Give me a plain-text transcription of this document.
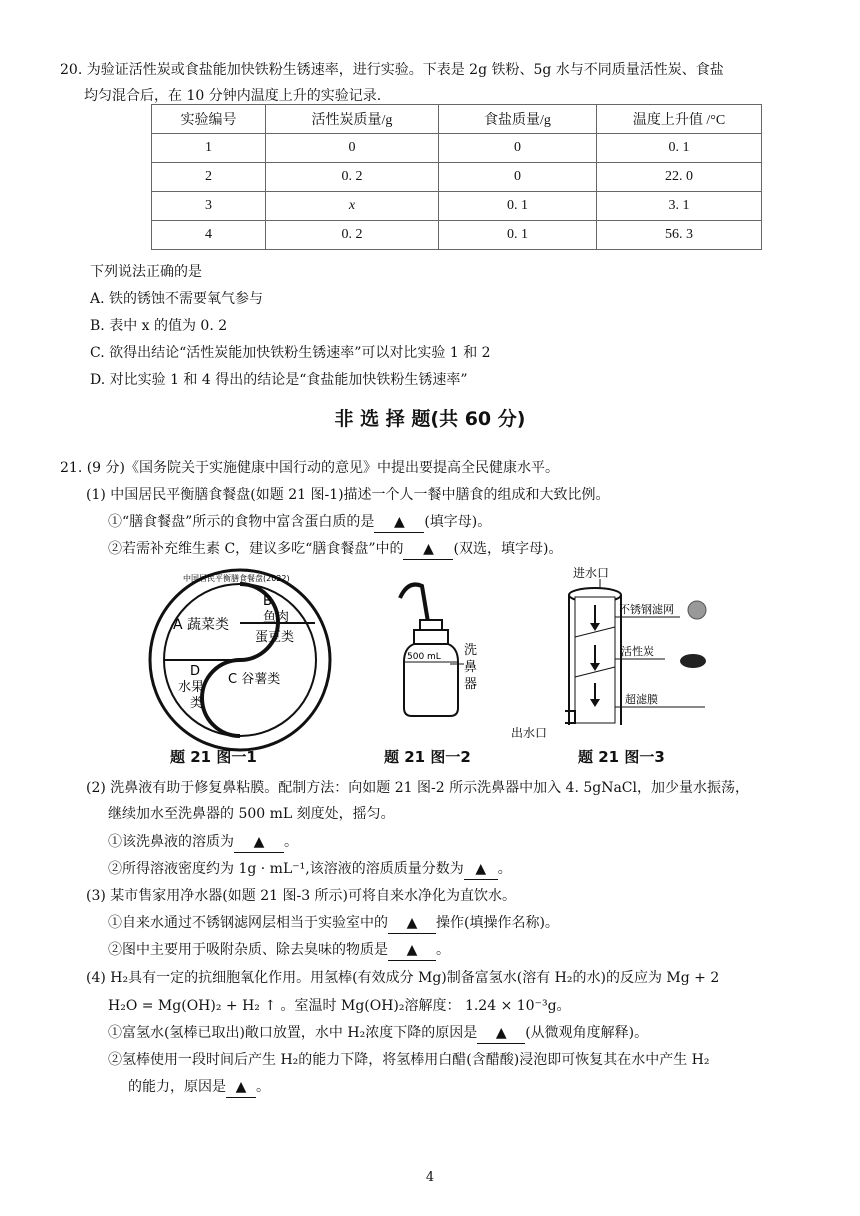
20. 为验证活性炭或食盐能加快铁粉生锈速率，进行实验。下表是 2g 铁粉、5g 水与不同质量活性炭、食盐
均匀混合后，在 10 分钟内温度上升的实验记录.
实验编号	活性炭质量/g	食盐质量/g	温度上升值 /°C
1	0	0	0. 1
2	0. 2	0	22. 0
3	x	0. 1	3. 1
4	0. 2	0. 1	56. 3
下列说法正确的是
A. 铁的锈蚀不需要氧气参与
B. 表中 x 的值为 0. 2
C. 欲得出结论“活性炭能加快铁粉生锈速率”可以对比实验 1 和 2
D. 对比实验 1 和 4 得出的结论是“食盐能加快铁粉生锈速率”
非 选 择 题(共 60 分)
21. (9 分)《国务院关于实施健康中国行动的意见》中提出要提高全民健康水平。
(1) 中国居民平衡膳食餐盘(如题 21 图-1)描述一个人一餐中膳食的组成和大致比例。
①“膳食餐盘”所示的食物中富含蛋白质的是 ▲ (填字母)。
②若需补充维生素 C，建议多吃“膳食餐盘”中的 ▲ (双选，填字母)。
中国居民平衡膳食餐盘(2022)
A 蔬菜类
B
鱼肉
蛋豆类
C 谷薯类
D
水果
类
题 21 图一1
500 mL 洗
鼻
器
题 21 图一2
进水口
不锈钢滤网
活性炭
超滤膜
出水口
题 21 图一3
(2) 洗鼻液有助于修复鼻粘膜。配制方法：向如题 21 图-2 所示洗鼻器中加入 4. 5gNaCl，加少量水振荡，
继续加水至洗鼻器的 500 mL 刻度处，摇匀。
①该洗鼻液的溶质为 ▲ 。
②所得溶液密度约为 1g · mL⁻¹,该溶液的溶质质量分数为 ▲ 。
(3) 某市售家用净水器(如题 21 图-3 所示)可将自来水净化为直饮水。
①自来水通过不锈钢滤网层相当于实验室中的 ▲ 操作(填操作名称)。
②图中主要用于吸附杂质、除去臭味的物质是 ▲ 。
(4) H₂具有一定的抗细胞氧化作用。用氢棒(有效成分 Mg)制备富氢水(溶有 H₂的水)的反应为 Mg + 2
H₂O = Mg(OH)₂ + H₂ ↑ 。室温时 Mg(OH)₂溶解度： 1.24 × 10⁻³g。
①富氢水(氢棒已取出)敞口放置，水中 H₂浓度下降的原因是 ▲ (从微观角度解释)。
②氢棒使用一段时间后产生 H₂的能力下降，将氢棒用白醋(含醋酸)浸泡即可恢复其在水中产生 H₂
的能力，原因是 ▲ 。
4
